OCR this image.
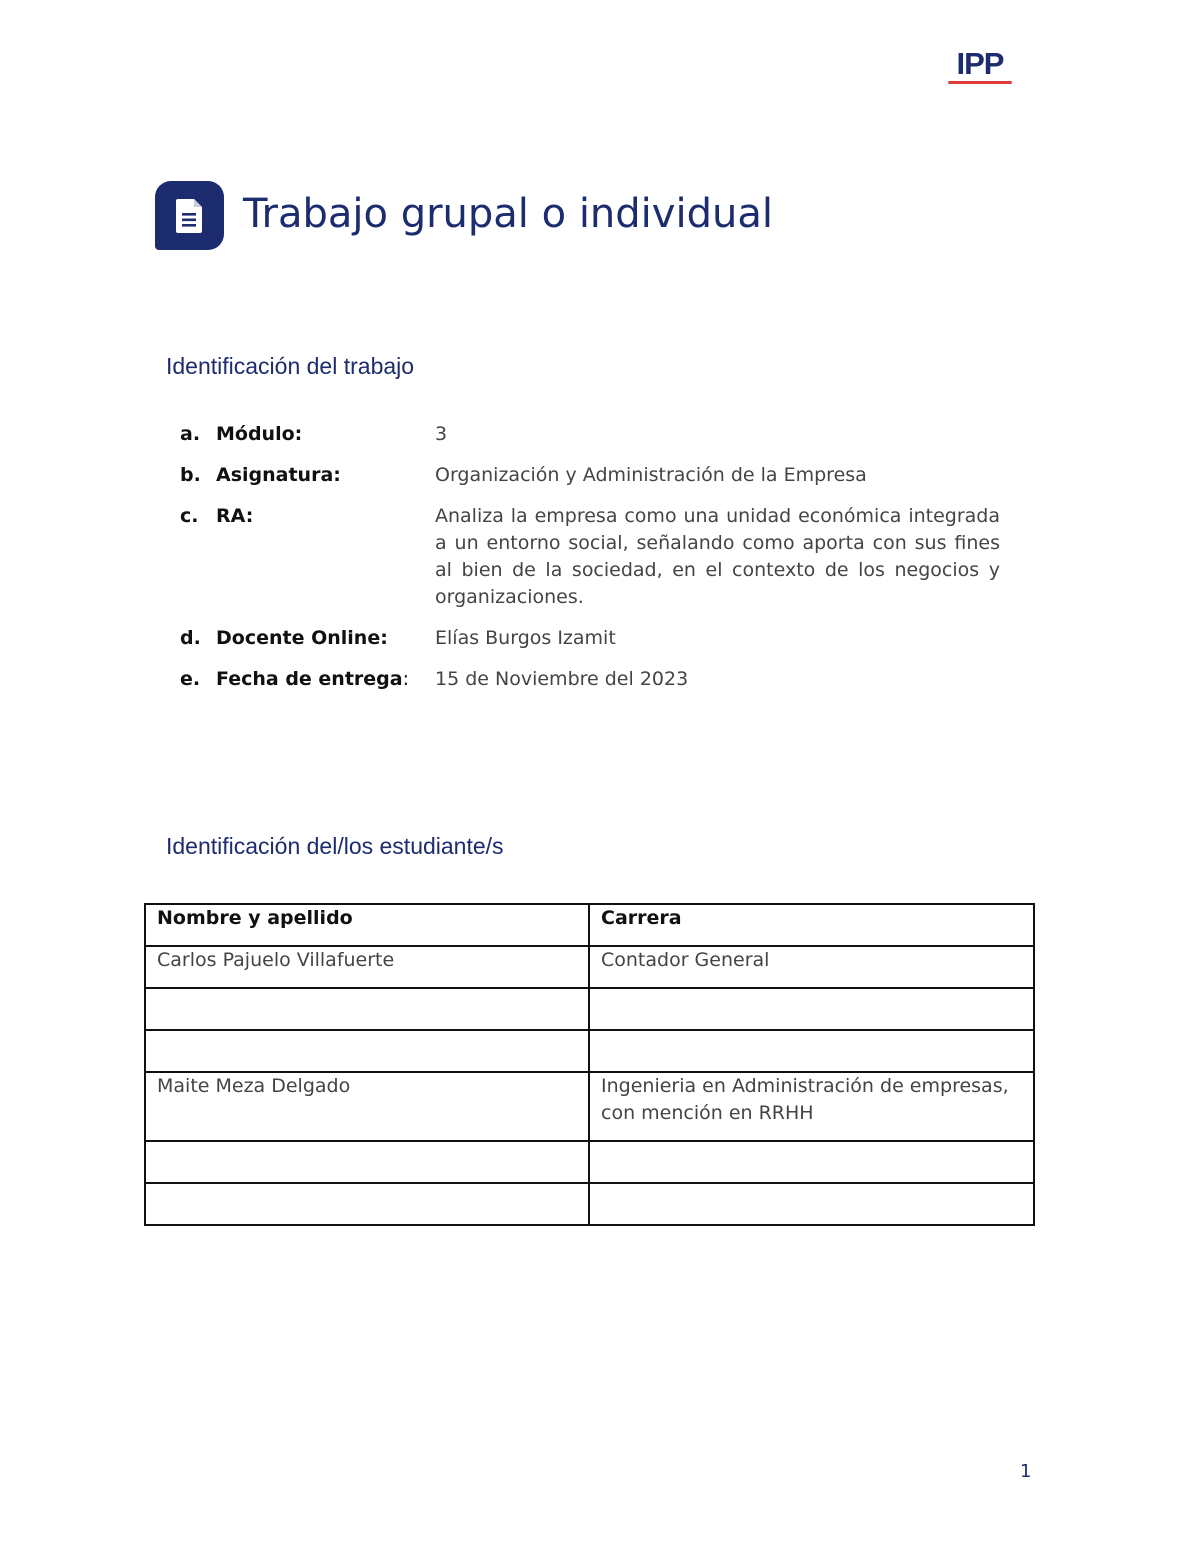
IPP
Trabajo grupal o individual
Identificación del trabajo
a. Módulo:	3
b. Asignatura:	Organización y Administración de la Empresa
c. RA:	Analiza la empresa como una unidad económica integrada a un entorno social, señalando como aporta con sus fines al bien de la sociedad, en el contexto de los negocios y organizaciones.
d. Docente Online:	Elías Burgos Izamit
e. Fecha de entrega:	15 de Noviembre del 2023
Identificación del/los estudiante/s
Nombre y apellido	Carrera
Carlos Pajuelo Villafuerte	Contador General

Maite Meza Delgado	Ingenieria en Administración de empresas, con mención en RRHH

1
